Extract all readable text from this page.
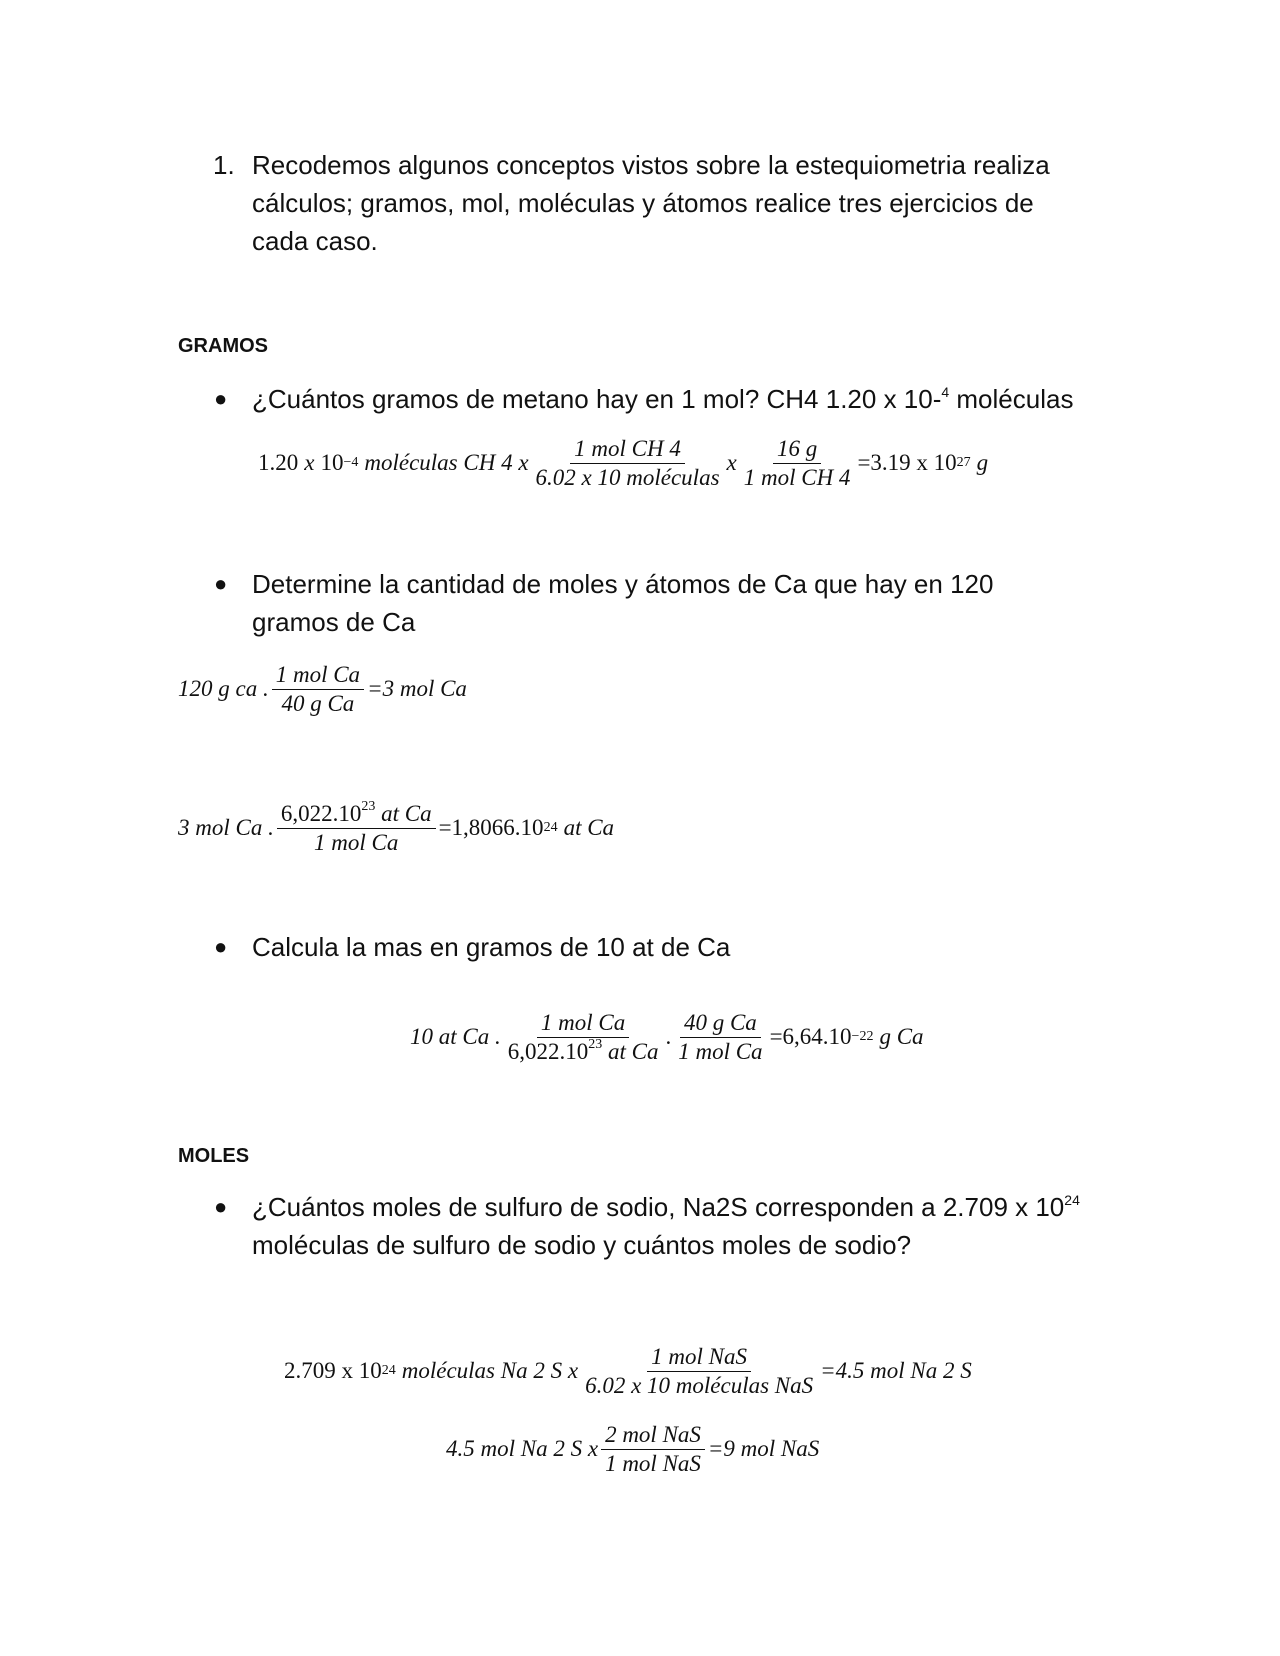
1. Recodemos algunos conceptos vistos sobre la estequiometria realiza
cálculos; gramos, mol, moléculas y átomos realice tres ejercicios de
cada caso.
GRAMOS
● ¿Cuántos gramos de metano hay en 1 mol? CH4 1.20 x 10-$^4$ moléculas
1.20 x 10 −4 moléculas CH 4 x $\frac{\text{1 mol CH 4}}{\text{6.02 x 10 moléculas}}$ x $\frac{16 g}{\text{1 mol CH 4}} = 3.19$ x 10 27 g
● Determine la cantidad de moles y átomos de Ca que hay en 120
gramos de Ca
120 g ca . $\frac{\text{1 mol Ca}}{\text{40 g Ca}} =3$ mol Ca
3 mol Ca . $\frac{6,022.10^{23} at Ca}{\text{1 mol Ca}} =1,8066.10$ 24 at Ca
● Calcula la mas en gramos de 10 at de Ca
10 at Ca . $\frac{\text{1 mol Ca}}{6,022.10^{23} at Ca}$ . $\frac{\text{40 g Ca}}{\text{1 mol Ca}} =6,64.10 -22$ g Ca
MOLES
● ¿Cuántos moles de sulfuro de sodio, Na2S corresponden a 2.709 x $10^{24}$
moléculas de sulfuro de sodio y cuántos moles de sodio?
2.709 x 10 24 moléculas Na 2 S x $\frac{\text{1 mol NaS}}{\text{6.02 x 10 moléculas NaS}} =4.5$ mol Na 2 S
4.5 mol Na 2 S x $\frac{\text{2 mol NaS}}{\text{1 mol NaS}} =9$ mol NaS
